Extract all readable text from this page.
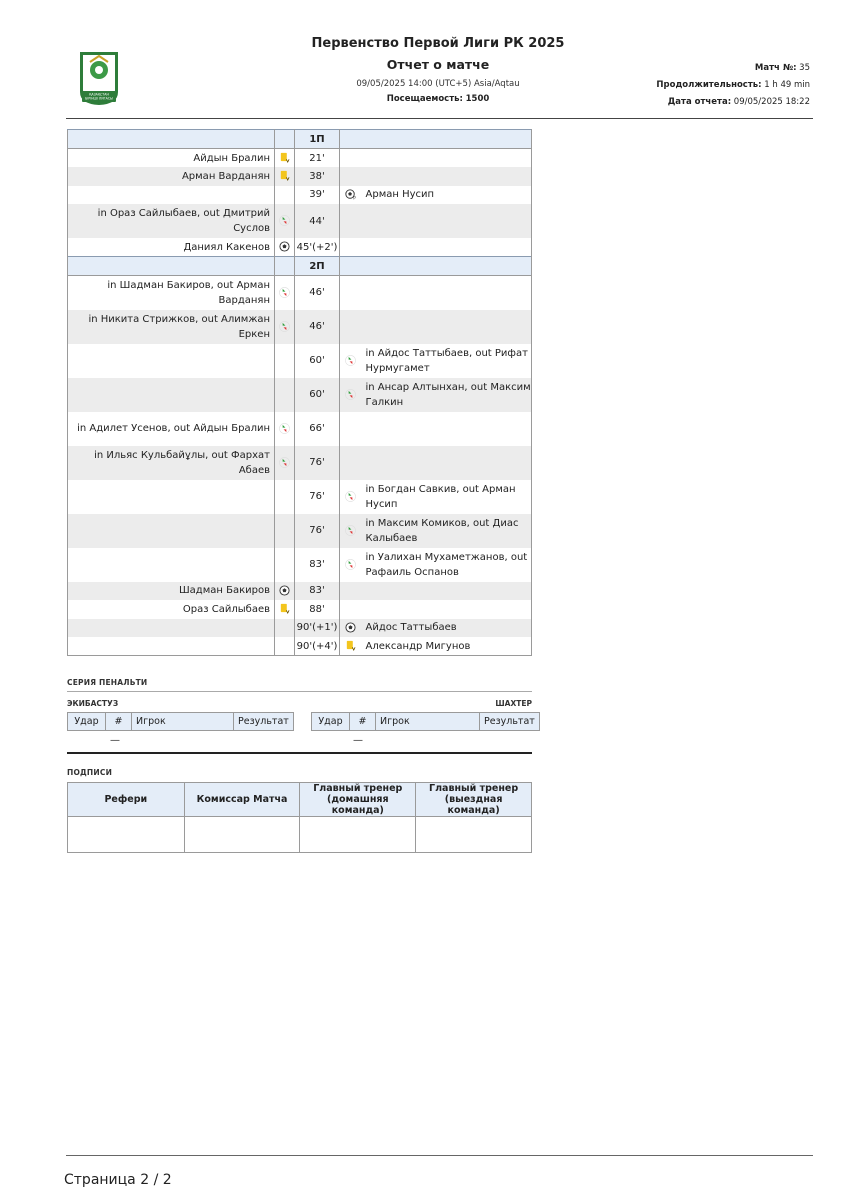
ҚАЗАҚСТАН
БІРІНШІ ЛИГАСЫ
Первенство Первой Лиги РК 2025
Отчет о матче
09/05/2025 14:00 (UTC+5) Asia/Aqtau
Посещаемость: 1500
Матч №: 35
Продолжительность: 1 h 49 min
Дата отчета: 09/05/2025 18:22
		1П		
Айдын Бралин		21'		
Арман Варданян		38'		
		39'	P	Арман Нусип
in Ораз Сайлыбаев, out Дмитрий Суслов		44'		
Даниял Какенов		45'(+2')		
		2П		
in Шадман Бакиров, out Арман Варданян		46'		
in Никита Стрижков, out Алимжан Еркен		46'		
		60'		in Айдос Таттыбаев, out Рифат Нурмугамет
		60'		in Ансар Алтынхан, out Максим Галкин
in Адилет Усенов, out Айдын Бралин		66'		
in Ильяс Кульбайұлы, out Фархат Абаев		76'		
		76'		in Богдан Савкив, out Арман Нусип
		76'		in Максим Комиков, out Диас Калыбаев
		83'		in Уалихан Мухаметжанов, out Рафаиль Оспанов
Шадман Бакиров		83'		
Ораз Сайлыбаев		88'		
		90'(+1')		Айдос Таттыбаев
		90'(+4')		Александр Мигунов
СЕРИЯ ПЕНАЛЬТИ
ЭКИБАСТУЗ	ШАХТЕР
Удар	#	Игрок	Результат	Удар	#	Игрок	Результат
—	—
ПОДПИСИ
Рефери	Комиссар Матча	Главный тренер (домашняя команда)	Главный тренер (выездная команда)

Страница 2 / 2
